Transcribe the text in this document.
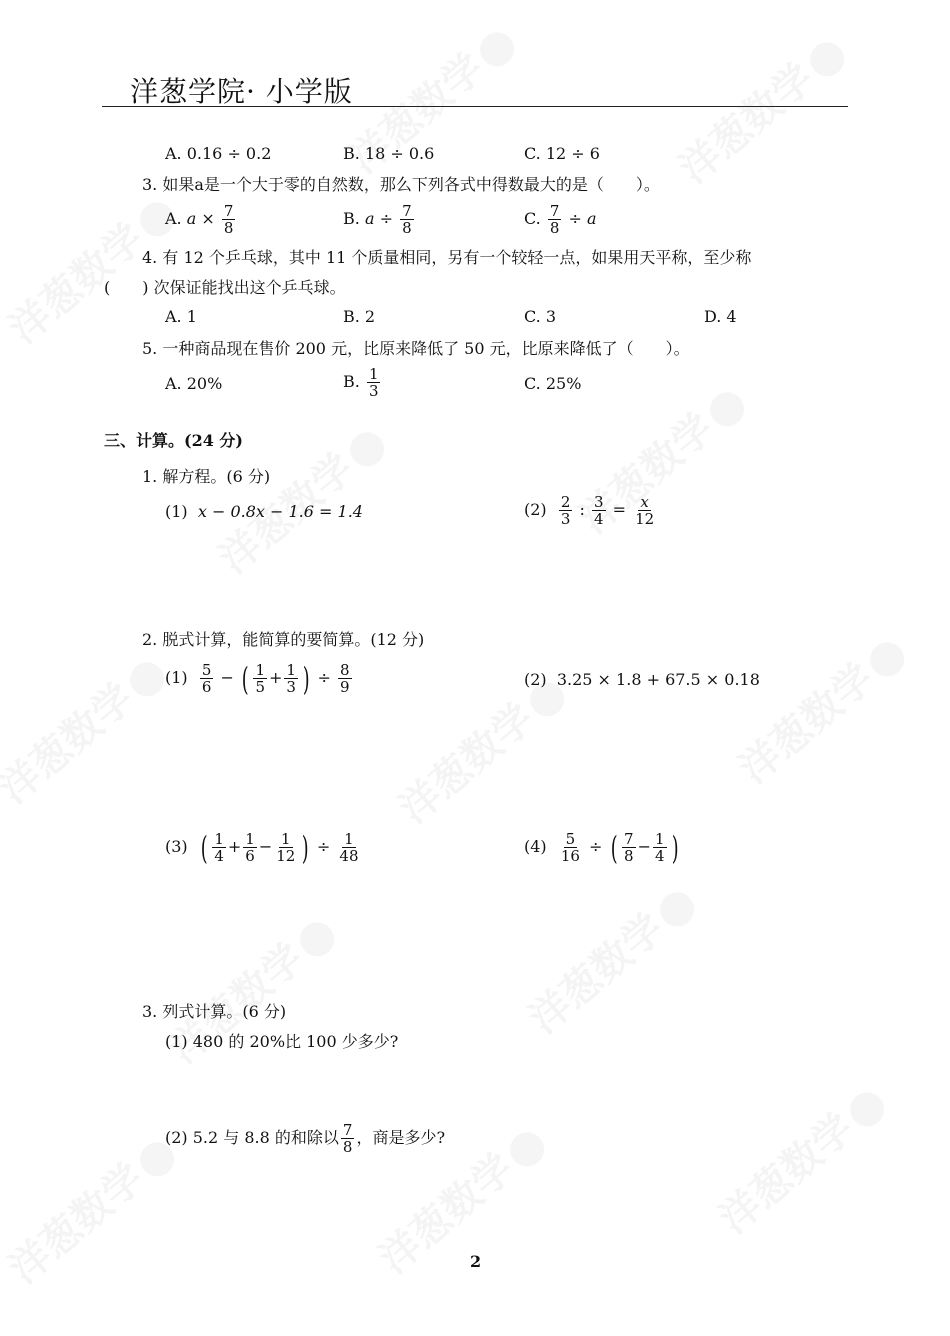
洋葱学院· 小学版
A. 0.16 ÷ 0.2	B. 18 ÷ 0.6	C. 12 ÷ 6
3. 如果a是一个大于零的自然数，那么下列各式中得数最大的是（　　）。
A. $a \times \frac{7}{8}$	B. $a \div \frac{7}{8}$	C. $\frac{7}{8} \div a$
4. 有 12 个乒乓球，其中 11 个质量相同，另有一个较轻一点，如果用天平称，至少称
(　　) 次保证能找出这个乒乓球。
A. 1	B. 2	C. 3	D. 4
5. 一种商品现在售价 200 元，比原来降低了 50 元，比原来降低了（　　）。
A. 20%	B. $\frac{1}{3}$	C. 25%
三、计算。(24 分)
1. 解方程。(6 分)
(1) x − 0.8x − 1.6 = 1.4	$(2) \frac{2}{3}$ : $\frac{3}{4} = \frac{x}{12}$
2. 脱式计算，能简算的要简算。(12 分)
$(1) \frac{5}{6}$ − ( $\frac{1}{5} + \frac{1}{3}$ ) ÷ $\frac{8}{9}$	(2) 3.25 × 1.8 + 67.5 × 0.18
(3) ( $\frac{1}{4} + \frac{1}{6} - \frac{1}{12}$ ) ÷ $\frac{1}{48}$	$(4) \frac{5}{16}$ ÷ ( $\frac{7}{8} - \frac{1}{4}$ )
3. 列式计算。(6 分)
(1) 480 的 20%比 100 少多少?
(2) 5.2 与 8.8 的和除以 $\frac{7}{8}$ ，商是多少?
2
